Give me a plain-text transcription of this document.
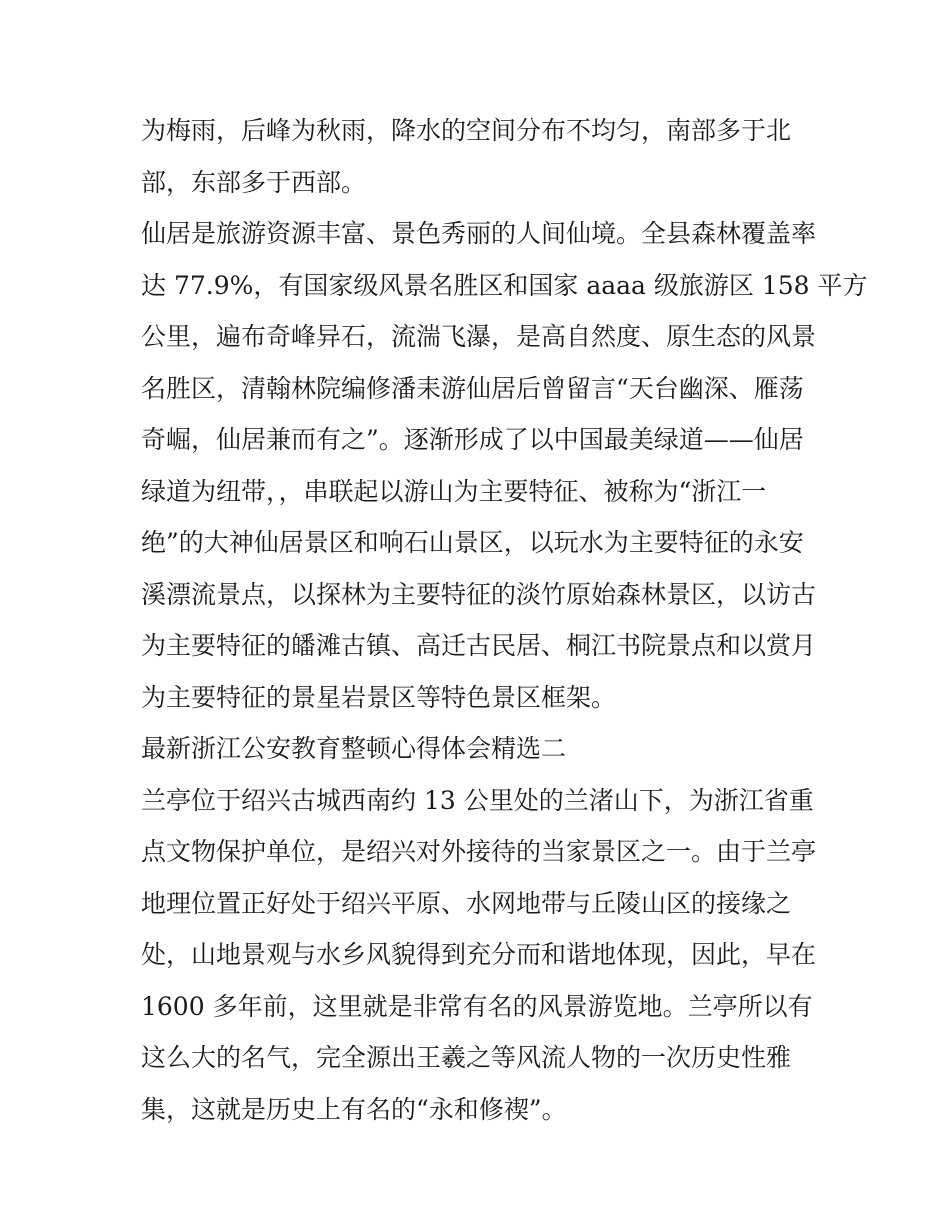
为梅雨，后峰为秋雨，降水的空间分布不均匀，南部多于北
部，东部多于西部。
仙居是旅游资源丰富、景色秀丽的人间仙境。全县森林覆盖率
达 77.9%，有国家级风景名胜区和国家 aaaa 级旅游区 158 平方
公里，遍布奇峰异石，流湍飞瀑，是高自然度、原生态的风景
名胜区，清翰林院编修潘耒游仙居后曾留言“天台幽深、雁荡
奇崛，仙居兼而有之”。逐渐形成了以中国最美绿道——仙居
绿道为纽带，，串联起以游山为主要特征、被称为“浙江一
绝”的大神仙居景区和响石山景区，以玩水为主要特征的永安
溪漂流景点，以探林为主要特征的淡竹原始森林景区，以访古
为主要特征的皤滩古镇、高迁古民居、桐江书院景点和以赏月
为主要特征的景星岩景区等特色景区框架。
最新浙江公安教育整顿心得体会精选二
兰亭位于绍兴古城西南约 13 公里处的兰渚山下，为浙江省重
点文物保护单位，是绍兴对外接待的当家景区之一。由于兰亭
地理位置正好处于绍兴平原、水网地带与丘陵山区的接缘之
处，山地景观与水乡风貌得到充分而和谐地体现，因此，早在
1600 多年前，这里就是非常有名的风景游览地。兰亭所以有
这么大的名气，完全源出王羲之等风流人物的一次历史性雅
集，这就是历史上有名的“永和修禊”。
